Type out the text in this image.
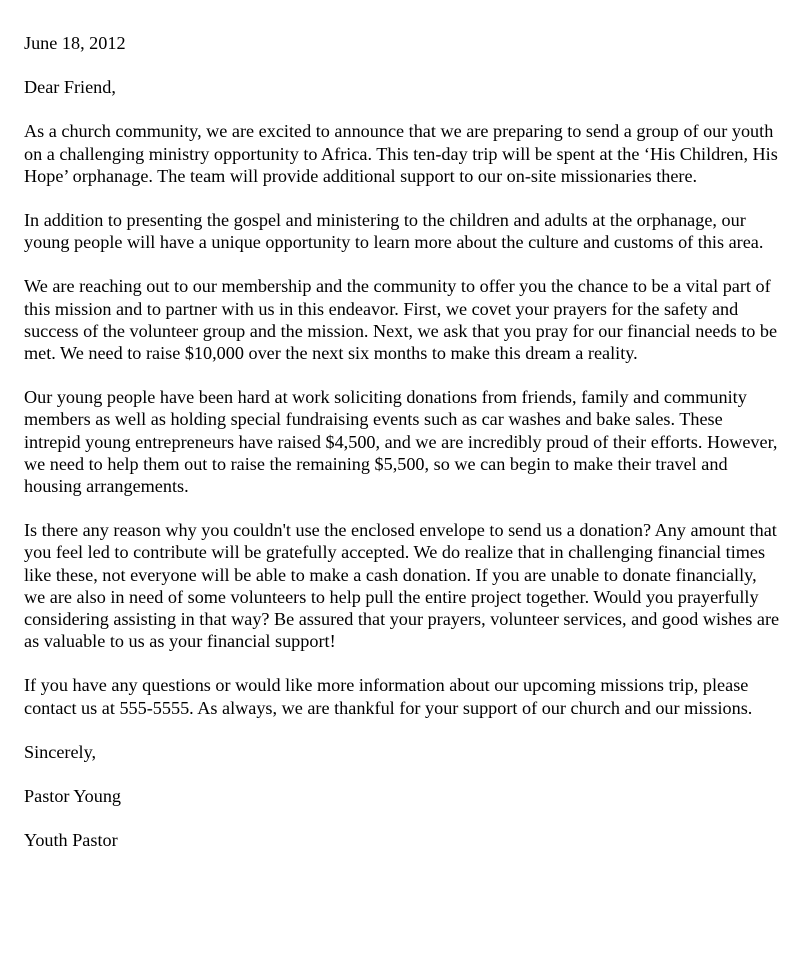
June 18, 2012

Dear Friend,

As a church community, we are excited to announce that we are preparing to send a group of our youth on a challenging ministry opportunity to Africa. This ten-day trip will be spent at the ‘His Children, His Hope’ orphanage. The team will provide additional support to our on-site missionaries there.

In addition to presenting the gospel and ministering to the children and adults at the orphanage, our young people will have a unique opportunity to learn more about the culture and customs of this area.

We are reaching out to our membership and the community to offer you the chance to be a vital part of this mission and to partner with us in this endeavor. First, we covet your prayers for the safety and success of the volunteer group and the mission. Next, we ask that you pray for our financial needs to be met. We need to raise $10,000 over the next six months to make this dream a reality.

Our young people have been hard at work soliciting donations from friends, family and community members as well as holding special fundraising events such as car washes and bake sales. These intrepid young entrepreneurs have raised $4,500, and we are incredibly proud of their efforts. However, we need to help them out to raise the remaining $5,500, so we can begin to make their travel and housing arrangements.

Is there any reason why you couldn't use the enclosed envelope to send us a donation? Any amount that you feel led to contribute will be gratefully accepted. We do realize that in challenging financial times like these, not everyone will be able to make a cash donation. If you are unable to donate financially, we are also in need of some volunteers to help pull the entire project together. Would you prayerfully considering assisting in that way? Be assured that your prayers, volunteer services, and good wishes are as valuable to us as your financial support!

If you have any questions or would like more information about our upcoming missions trip, please contact us at 555-5555. As always, we are thankful for your support of our church and our missions.

Sincerely,

Pastor Young

Youth Pastor
